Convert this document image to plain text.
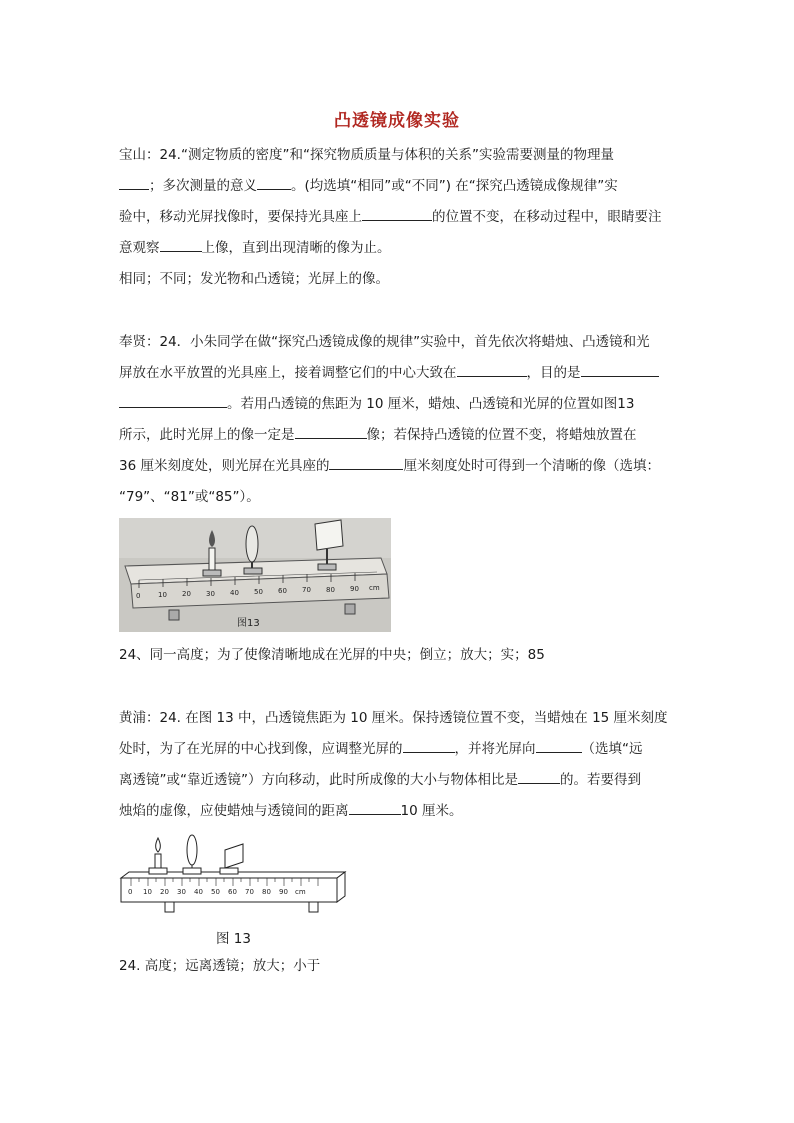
凸透镜成像实验
宝山：24.“测定物质的密度”和“探究物质质量与体积的关系”实验需要测量的物理量
；多次测量的意义	。(均选填“相同”或“不同”) 在“探究凸透镜成像规律”实
验中，移动光屏找像时，要保持光具座上	的位置不变，在移动过程中，眼睛要注
意观察	上像，直到出现清晰的像为止。
相同；不同；发光物和凸透镜；光屏上的像。
奉贤：24．小朱同学在做“探究凸透镜成像的规律”实验中，首先依次将蜡烛、凸透镜和光
屏放在水平放置的光具座上，接着调整它们的中心大致在	，目的是
。若用凸透镜的焦距为 10 厘米，蜡烛、凸透镜和光屏的位置如图13
所示，此时光屏上的像一定是	像；若保持凸透镜的位置不变，将蜡烛放置在
36 厘米刻度处，则光屏在光具座的	厘米刻度处时可得到一个清晰的像（选填：
“79”、“81”或“85”）。
0	10 20 30 40 50 60 70 80 90 cm
图13
24、同一高度；为了使像清晰地成在光屏的中央；倒立；放大；实；85
黄浦：24. 在图 13 中，凸透镜焦距为 10 厘米。保持透镜位置不变，当蜡烛在 15 厘米刻度
处时，为了在光屏的中心找到像，应调整光屏的	，并将光屏向	（选填“远
离透镜”或“靠近透镜”）方向移动，此时所成像的大小与物体相比是	的。若要得到
烛焰的虚像，应使蜡烛与透镜间的距离	10 厘米。
0 10 20 30 40 50 60 70 80 90 cm
图 13
24. 高度；远离透镜；放大；小于
